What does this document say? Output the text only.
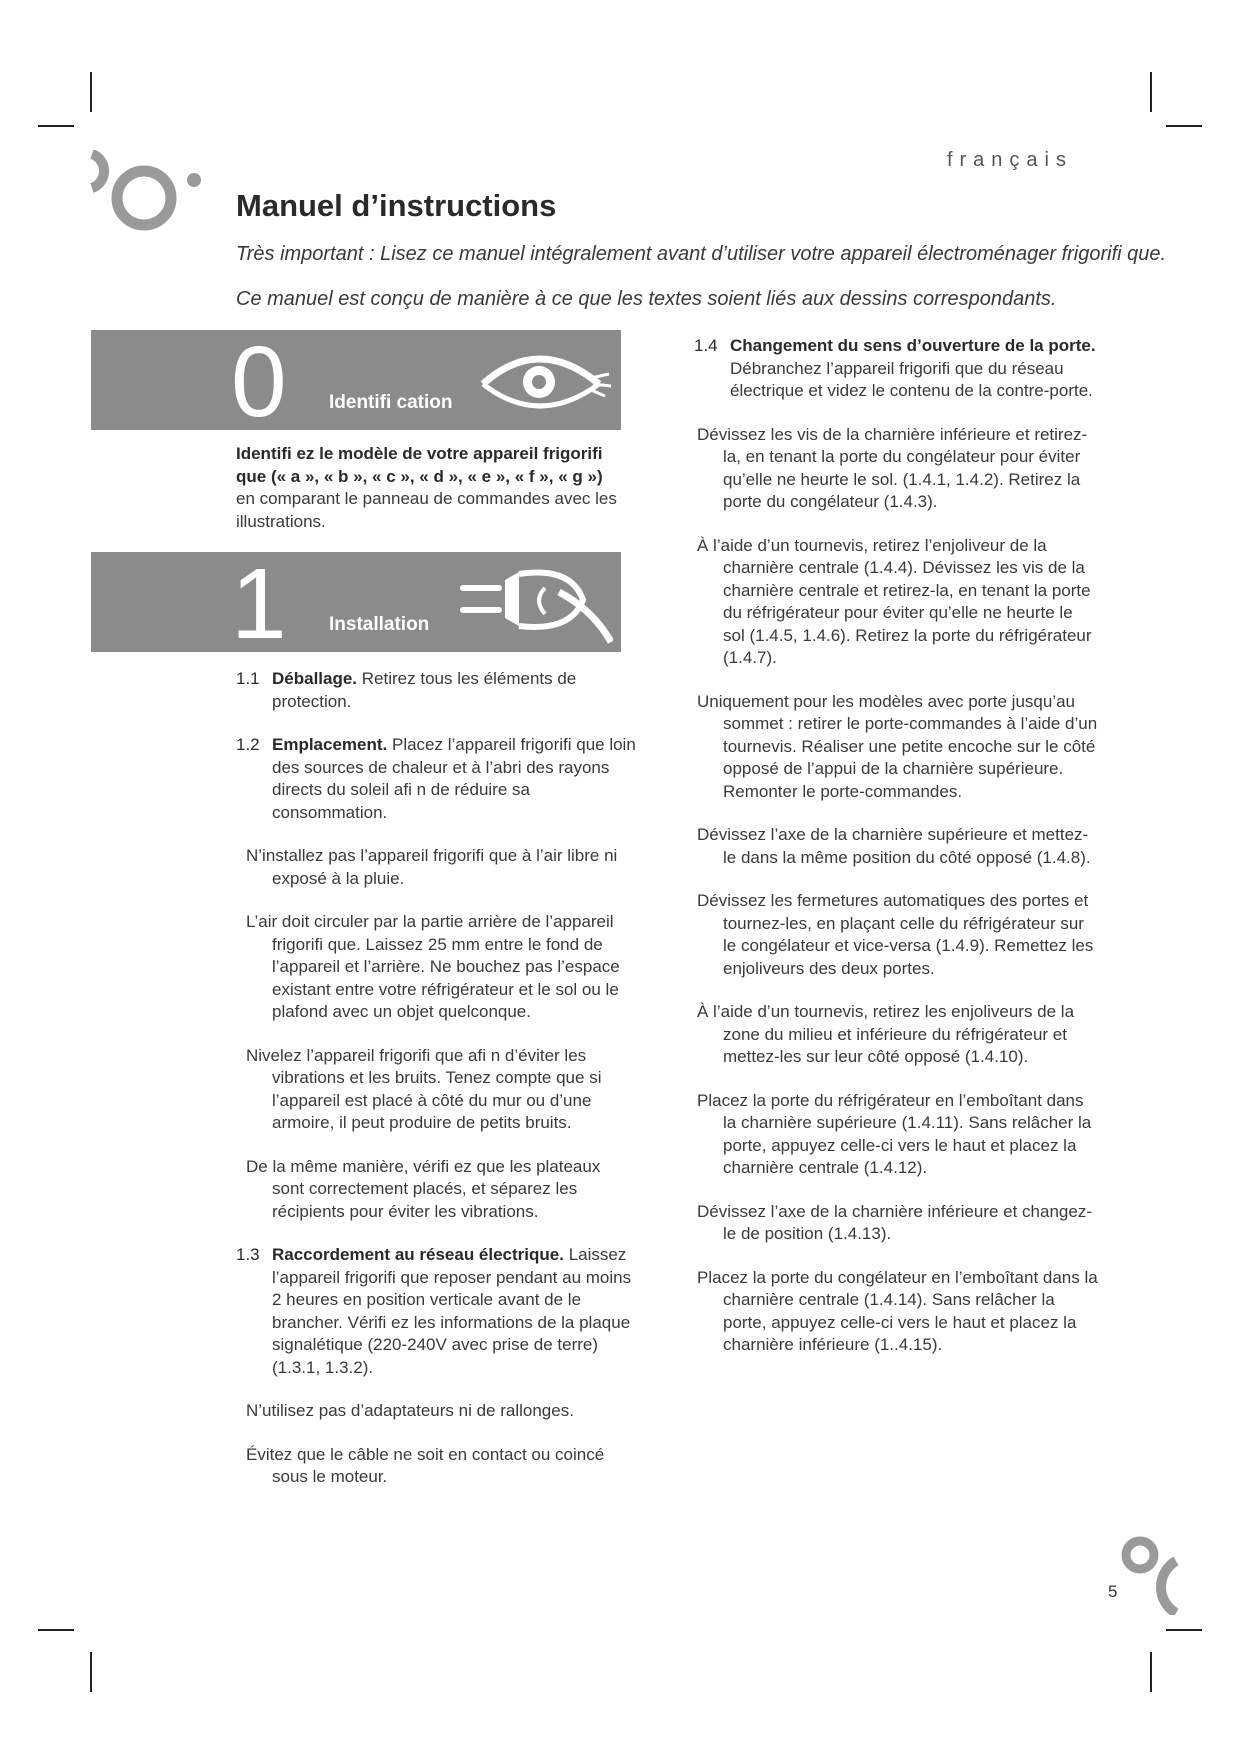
français
Manuel d’instructions

Très important : Lisez ce manuel intégralement avant d’utiliser votre appareil électroménager frigorifi que.

Ce manuel est conçu de manière à ce que les textes soient liés aux dessins correspondants.

0 Identifi cation

Identifi ez le modèle de votre appareil frigorifi que (« a », « b », « c », « d », « e », « f », « g ») en comparant le panneau de commandes avec les illustrations.

1 Installation
1.1 Déballage. Retirez tous les éléments de protection.
1.2 Emplacement. Placez l’appareil frigorifi que loin des sources de chaleur et à l’abri des rayons directs du soleil afi n de réduire sa consommation.
N’installez pas l’appareil frigorifi que à l’air libre ni exposé à la pluie.
L’air doit circuler par la partie arrière de l’appareil frigorifi que. Laissez 25 mm entre le fond de l’appareil et l’arrière. Ne bouchez pas l’espace existant entre votre réfrigérateur et le sol ou le plafond avec un objet quelconque.
Nivelez l’appareil frigorifi que afi n d’éviter les vibrations et les bruits. Tenez compte que si l’appareil est placé à côté du mur ou d’une armoire, il peut produire de petits bruits.
De la même manière, vérifi ez que les plateaux sont correctement placés, et séparez les récipients pour éviter les vibrations.
1.3 Raccordement au réseau électrique. Laissez l’appareil frigorifi que reposer pendant au moins 2 heures en position verticale avant de le brancher. Vérifi ez les informations de la plaque signalétique (220-240V avec prise de terre) (1.3.1, 1.3.2).
N’utilisez pas d’adaptateurs ni de rallonges.
Évitez que le câble ne soit en contact ou coincé sous le moteur.
1.4 Changement du sens d’ouverture de la porte. Débranchez l’appareil frigorifi que du réseau électrique et videz le contenu de la contre-porte.
Dévissez les vis de la charnière inférieure et retirez-la, en tenant la porte du congélateur pour éviter qu’elle ne heurte le sol. (1.4.1, 1.4.2). Retirez la porte du congélateur (1.4.3).
À l’aide d’un tournevis, retirez l’enjoliveur de la charnière centrale (1.4.4). Dévissez les vis de la charnière centrale et retirez-la, en tenant la porte du réfrigérateur pour éviter qu’elle ne heurte le sol (1.4.5, 1.4.6). Retirez la porte du réfrigérateur (1.4.7).
Uniquement pour les modèles avec porte jusqu’au sommet : retirer le porte-commandes à l’aide d’un tournevis. Réaliser une petite encoche sur le côté opposé de l’appui de la charnière supérieure. Remonter le porte-commandes.
Dévissez l’axe de la charnière supérieure et mettez-le dans la même position du côté opposé (1.4.8).
Dévissez les fermetures automatiques des portes et tournez-les, en plaçant celle du réfrigérateur sur le congélateur et vice-versa (1.4.9). Remettez les enjoliveurs des deux portes.
À l’aide d’un tournevis, retirez les enjoliveurs de la zone du milieu et inférieure du réfrigérateur et mettez-les sur leur côté opposé (1.4.10).
Placez la porte du réfrigérateur en l’emboîtant dans la charnière supérieure (1.4.11). Sans relâcher la porte, appuyez celle-ci vers le haut et placez la charnière centrale (1.4.12).
Dévissez l’axe de la charnière inférieure et changez-le de position (1.4.13).
Placez la porte du congélateur en l’emboîtant dans la charnière centrale (1.4.14). Sans relâcher la porte, appuyez celle-ci vers le haut et placez la charnière inférieure (1..4.15).
5
